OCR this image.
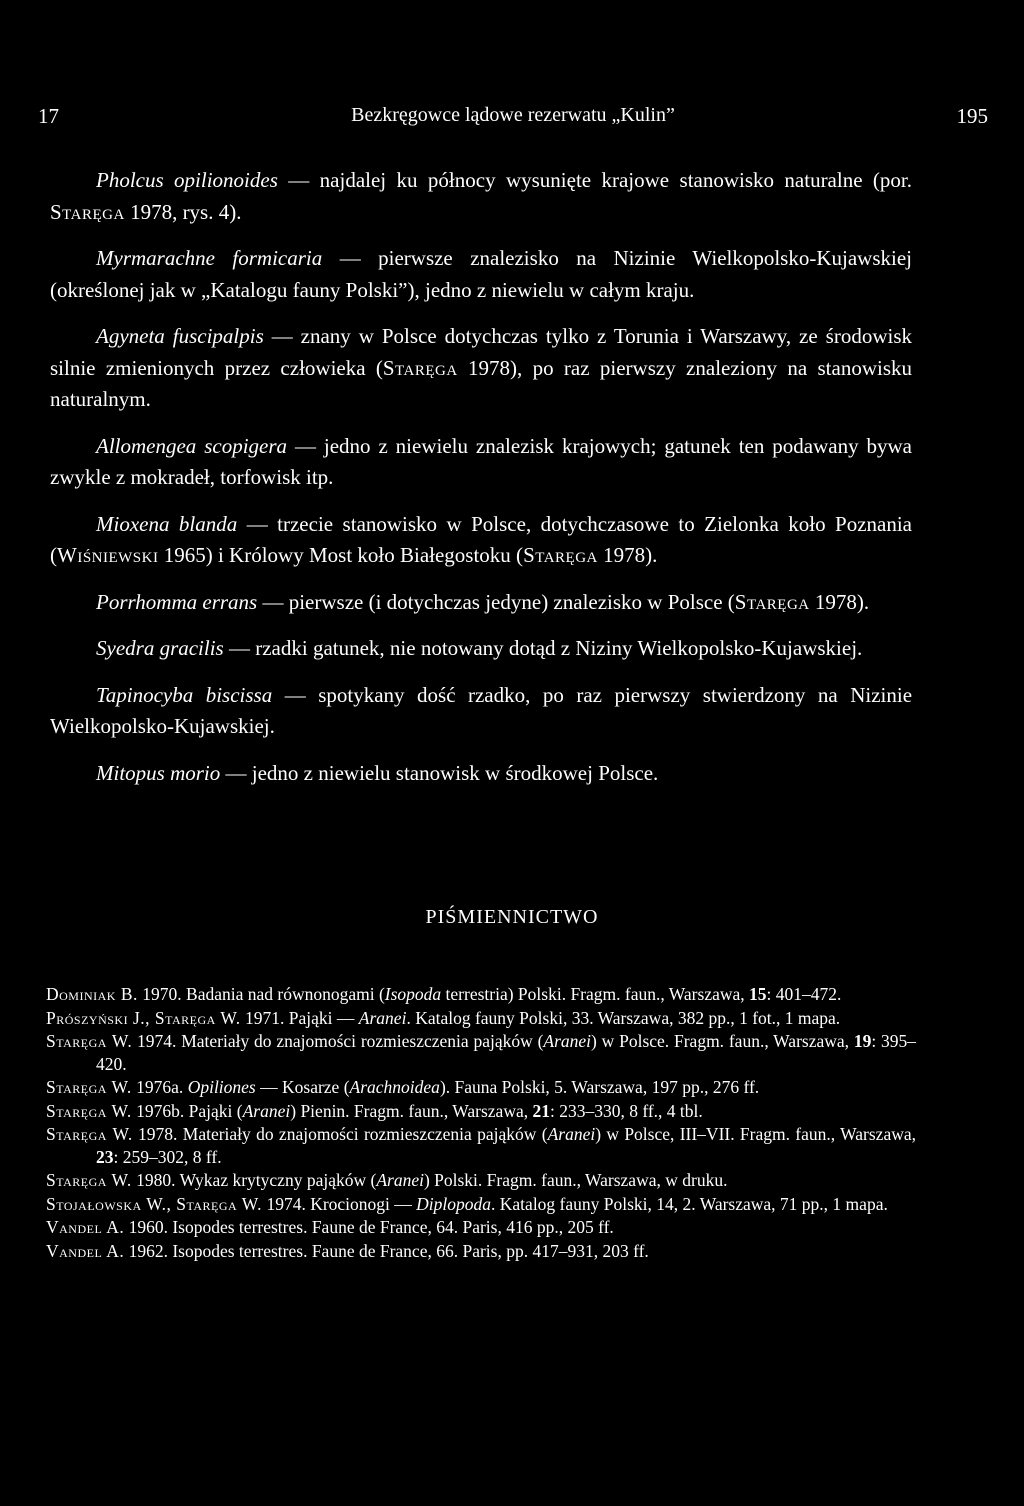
17	Bezkręgowce lądowe rezerwatu „Kulin”	195

Pholcus opilionoides — najdalej ku północy wysunięte krajowe stanowisko naturalne (por. Staręga 1978, rys. 4).

Myrmarachne formicaria — pierwsze znalezisko na Nizinie Wielkopolsko-Kujawskiej (określonej jak w „Katalogu fauny Polski”), jedno z niewielu w całym kraju.

Agyneta fuscipalpis — znany w Polsce dotychczas tylko z Torunia i Warszawy, ze środowisk silnie zmienionych przez człowieka (Staręga 1978), po raz pierwszy znaleziony na stanowisku naturalnym.

Allomengea scopigera — jedno z niewielu znalezisk krajowych; gatunek ten podawany bywa zwykle z mokradeł, torfowisk itp.

Mioxena blanda — trzecie stanowisko w Polsce, dotychczasowe to Zielonka koło Poznania (Wiśniewski 1965) i Królowy Most koło Białegostoku (Staręga 1978).

Porrhomma errans — pierwsze (i dotychczas jedyne) znalezisko w Polsce (Staręga 1978).

Syedra gracilis — rzadki gatunek, nie notowany dotąd z Niziny Wielkopolsko-Kujawskiej.

Tapinocyba biscissa — spotykany dość rzadko, po raz pierwszy stwierdzony na Nizinie Wielkopolsko-Kujawskiej.

Mitopus morio — jedno z niewielu stanowisk w środkowej Polsce.

PIŚMIENNICTWO

Dominiak B. 1970. Badania nad równonogami (Isopoda terrestria) Polski. Fragm. faun., Warszawa, 15: 401–472.

Prószyński J., Staręga W. 1971. Pająki — Aranei. Katalog fauny Polski, 33. Warszawa, 382 pp., 1 fot., 1 mapa.

Staręga W. 1974. Materiały do znajomości rozmieszczenia pająków (Aranei) w Polsce. Fragm. faun., Warszawa, 19: 395–420.

Staręga W. 1976a. Opiliones — Kosarze (Arachnoidea). Fauna Polski, 5. Warszawa, 197 pp., 276 ff.

Staręga W. 1976b. Pająki (Aranei) Pienin. Fragm. faun., Warszawa, 21: 233–330, 8 ff., 4 tbl.

Staręga W. 1978. Materiały do znajomości rozmieszczenia pająków (Aranei) w Polsce, III–VII. Fragm. faun., Warszawa, 23: 259–302, 8 ff.

Staręga W. 1980. Wykaz krytyczny pająków (Aranei) Polski. Fragm. faun., Warszawa, w druku.

Stojałowska W., Staręga W. 1974. Krocionogi — Diplopoda. Katalog fauny Polski, 14, 2. Warszawa, 71 pp., 1 mapa.

Vandel A. 1960. Isopodes terrestres. Faune de France, 64. Paris, 416 pp., 205 ff.

Vandel A. 1962. Isopodes terrestres. Faune de France, 66. Paris, pp. 417–931, 203 ff.
